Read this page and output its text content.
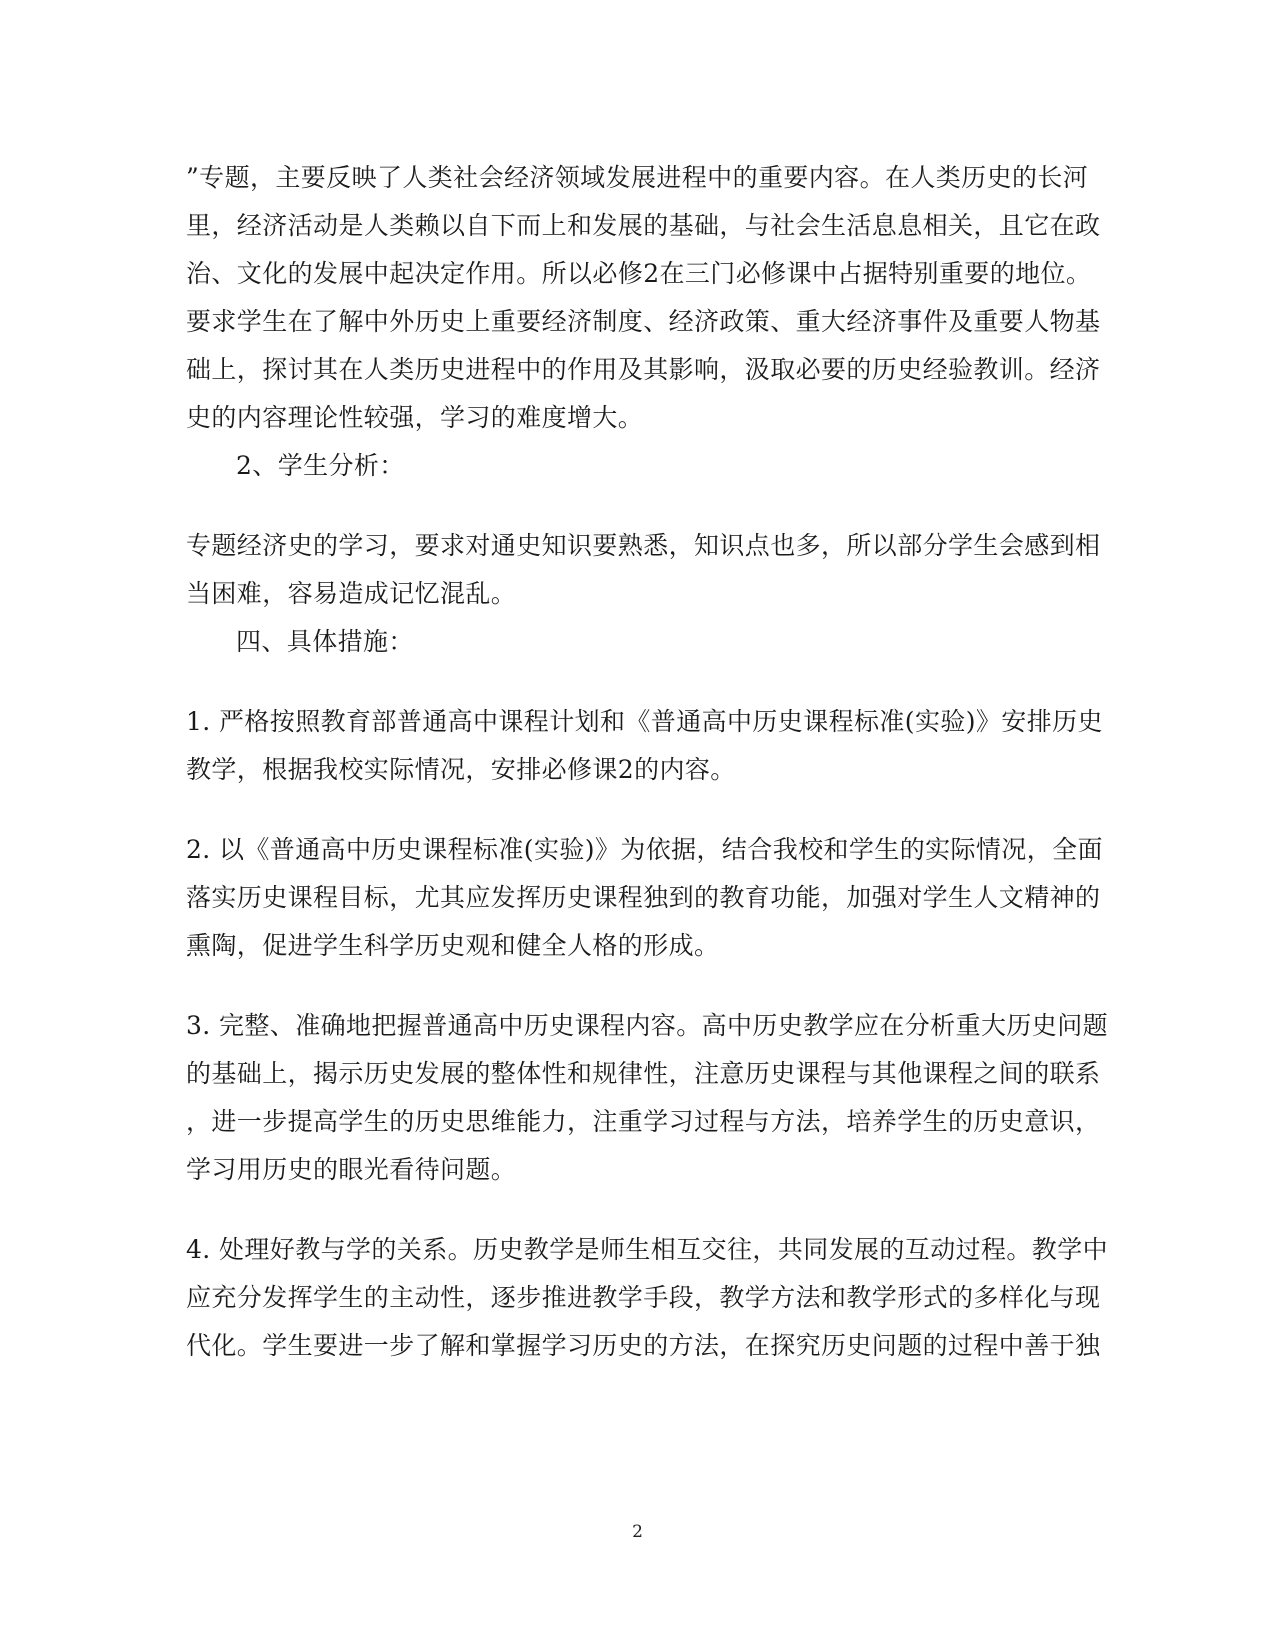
”专题，主要反映了人类社会经济领域发展进程中的重要内容。在人类历史的长河
里，经济活动是人类赖以自下而上和发展的基础，与社会生活息息相关，且它在政
治、文化的发展中起决定作用。所以必修2在三门必修课中占据特别重要的地位。
要求学生在了解中外历史上重要经济制度、经济政策、重大经济事件及重要人物基
础上，探讨其在人类历史进程中的作用及其影响，汲取必要的历史经验教训。经济
史的内容理论性较强，学习的难度增大。
2、学生分析：
专题经济史的学习，要求对通史知识要熟悉，知识点也多，所以部分学生会感到相
当困难，容易造成记忆混乱。
四、具体措施：
1. 严格按照教育部普通高中课程计划和《普通高中历史课程标准(实验)》安排历史
教学，根据我校实际情况，安排必修课2的内容。
2. 以《普通高中历史课程标准(实验)》为依据，结合我校和学生的实际情况，全面
落实历史课程目标，尤其应发挥历史课程独到的教育功能，加强对学生人文精神的
熏陶，促进学生科学历史观和健全人格的形成。
3. 完整、准确地把握普通高中历史课程内容。高中历史教学应在分析重大历史问题
的基础上，揭示历史发展的整体性和规律性，注意历史课程与其他课程之间的联系
，进一步提高学生的历史思维能力，注重学习过程与方法，培养学生的历史意识，
学习用历史的眼光看待问题。
4. 处理好教与学的关系。历史教学是师生相互交往，共同发展的互动过程。教学中
应充分发挥学生的主动性，逐步推进教学手段，教学方法和教学形式的多样化与现
代化。学生要进一步了解和掌握学习历史的方法，在探究历史问题的过程中善于独
2
